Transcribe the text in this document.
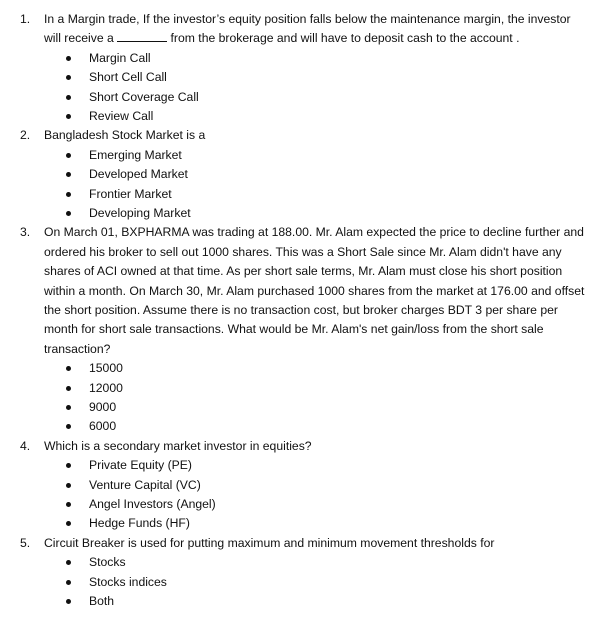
1. In a Margin trade, If the investor’s equity position falls below the maintenance margin, the investor will receive a	from the brokerage and will have to deposit cash to the account .
Margin Call
Short Cell Call
Short Coverage Call
Review Call
2. Bangladesh Stock Market is a
Emerging Market
Developed Market
Frontier Market
Developing Market
3. On March 01, BXPHARMA was trading at 188.00. Mr. Alam expected the price to decline further and ordered his broker to sell out 1000 shares. This was a Short Sale since Mr. Alam didn't have any shares of ACI owned at that time. As per short sale terms, Mr. Alam must close his short position within a month. On March 30, Mr. Alam purchased 1000 shares from the market at 176.00 and offset the short position. Assume there is no transaction cost, but broker charges BDT 3 per share per month for short sale transactions. What would be Mr. Alam's net gain/loss from the short sale transaction?
15000
12000
9000
6000
4. Which is a secondary market investor in equities?
Private Equity (PE)
Venture Capital (VC)
Angel Investors (Angel)
Hedge Funds (HF)
5. Circuit Breaker is used for putting maximum and minimum movement thresholds for
Stocks
Stocks indices
Both
